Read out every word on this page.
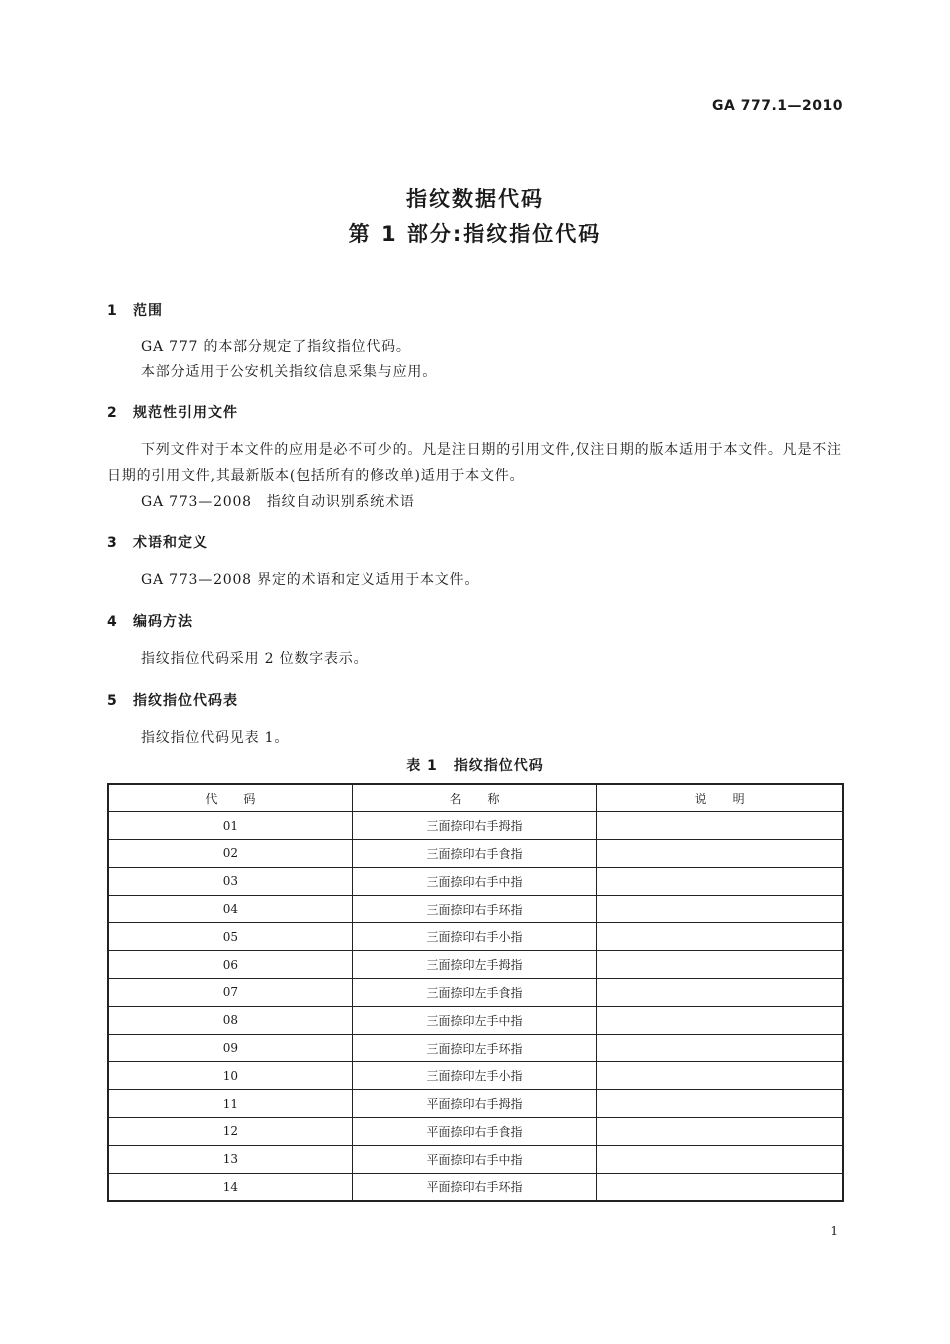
GA 777.1—2010
指纹数据代码
第 1 部分:指纹指位代码
1 范围
GA 777 的本部分规定了指纹指位代码。
本部分适用于公安机关指纹信息采集与应用。
2 规范性引用文件
下列文件对于本文件的应用是必不可少的。凡是注日期的引用文件,仅注日期的版本适用于本文件。凡是不注日期的引用文件,其最新版本(包括所有的修改单)适用于本文件。
GA 773—2008　指纹自动识别系统术语
3 术语和定义
GA 773—2008 界定的术语和定义适用于本文件。
4 编码方法
指纹指位代码采用 2 位数字表示。
5 指纹指位代码表
指纹指位代码见表 1。
表 1 指纹指位代码
代码	名称	说明
01	三面捺印右手拇指	
02	三面捺印右手食指	
03	三面捺印右手中指	
04	三面捺印右手环指	
05	三面捺印右手小指	
06	三面捺印左手拇指	
07	三面捺印左手食指	
08	三面捺印左手中指	
09	三面捺印左手环指	
10	三面捺印左手小指	
11	平面捺印右手拇指	
12	平面捺印右手食指	
13	平面捺印右手中指	
14	平面捺印右手环指	
1
